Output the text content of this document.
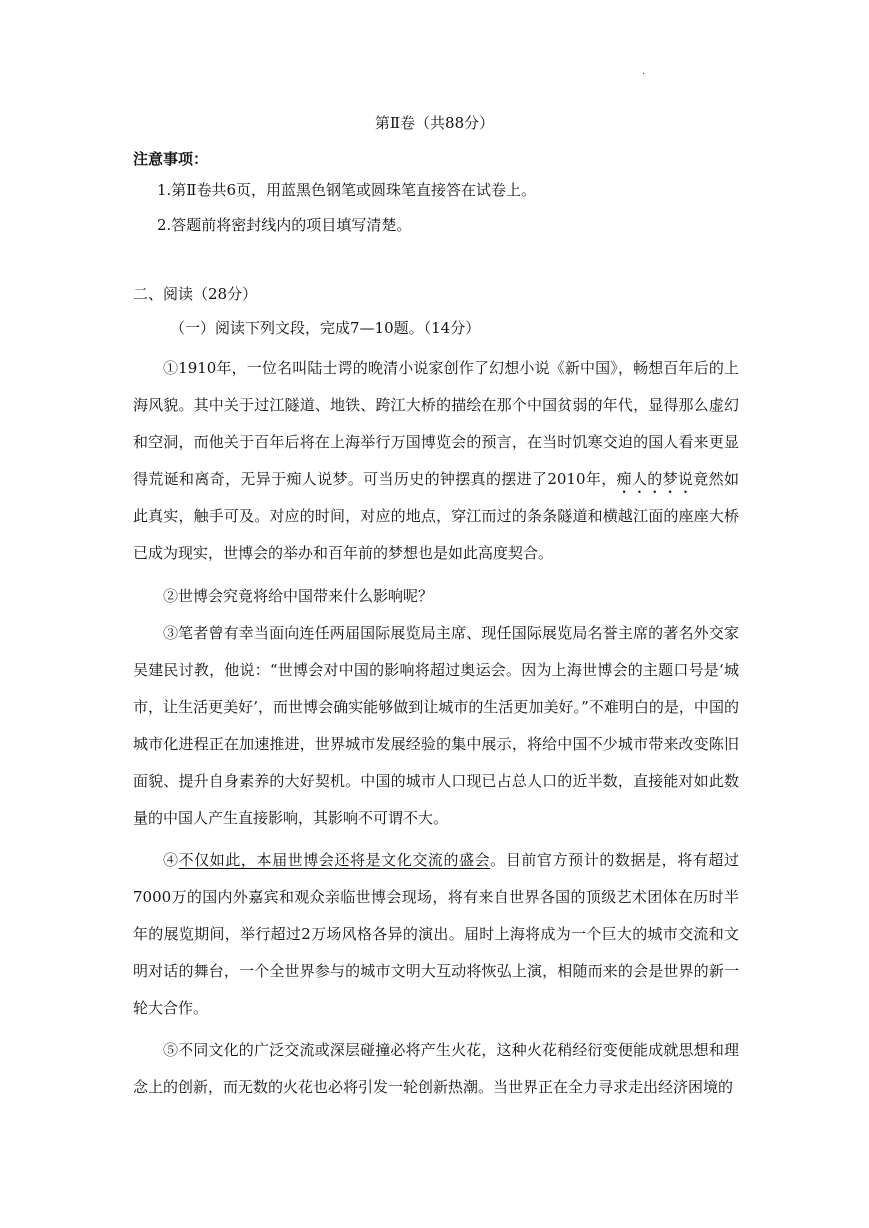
·
第Ⅱ卷（共88分）
注意事项：
1.第Ⅱ卷共6页，用蓝黑色钢笔或圆珠笔直接答在试卷上。
2.答题前将密封线内的项目填写清楚。
二、阅读（28分）
（一）阅读下列文段，完成7—10题。（14分）
①1910年，一位名叫陆士谔的晚清小说家创作了幻想小说《新中国》，畅想百年后的上海风貌。其中关于过江隧道、地铁、跨江大桥的描绘在那个中国贫弱的年代，显得那么虚幻和空洞，而他关于百年后将在上海举行万国博览会的预言，在当时饥寒交迫的国人看来更显得荒诞和离奇，无异于痴人说梦。可当历史的钟摆真的摆进了2010年，痴人的梦说竟然如此真实，触手可及。对应的时间，对应的地点，穿江而过的条条隧道和横越江面的座座大桥已成为现实，世博会的举办和百年前的梦想也是如此高度契合。
②世博会究竟将给中国带来什么影响呢？
③笔者曾有幸当面向连任两届国际展览局主席、现任国际展览局名誉主席的著名外交家吴建民讨教，他说：“世博会对中国的影响将超过奥运会。因为上海世博会的主题口号是‘城市，让生活更美好’，而世博会确实能够做到让城市的生活更加美好。”不难明白的是，中国的城市化进程正在加速推进，世界城市发展经验的集中展示，将给中国不少城市带来改变陈旧面貌、提升自身素养的大好契机。中国的城市人口现已占总人口的近半数，直接能对如此数量的中国人产生直接影响，其影响不可谓不大。
④不仅如此，本届世博会还将是文化交流的盛会。目前官方预计的数据是，将有超过7000万的国内外嘉宾和观众亲临世博会现场，将有来自世界各国的顶级艺术团体在历时半年的展览期间，举行超过2万场风格各异的演出。届时上海将成为一个巨大的城市交流和文明对话的舞台，一个全世界参与的城市文明大互动将恢弘上演，相随而来的会是世界的新一轮大合作。
⑤不同文化的广泛交流或深层碰撞必将产生火花，这种火花稍经衍变便能成就思想和理念上的创新，而无数的火花也必将引发一轮创新热潮。当世界正在全力寻求走出经济困境的
